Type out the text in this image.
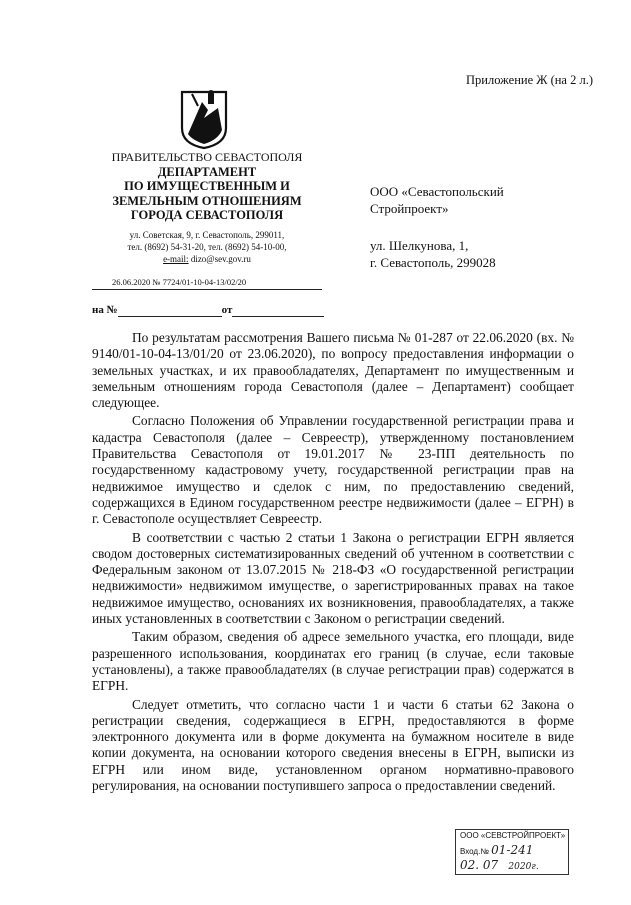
Приложение Ж (на 2 л.)
ПРАВИТЕЛЬСТВО СЕВАСТОПОЛЯ
ДЕПАРТАМЕНТ
ПО ИМУЩЕСТВЕННЫМ И
ЗЕМЕЛЬНЫМ ОТНОШЕНИЯМ
ГОРОДА СЕВАСТОПОЛЯ
ул. Советская, 9, г. Севастополь, 299011,
тел. (8692) 54-31-20, тел. (8692) 54-10-00,
e-mail: dizo@sev.gov.ru
26.06.2020 № 7724/01-10-04-13/02/20
на №	от
ООО «Севастопольский
Стройпроект»
ул. Шелкунова, 1,
г. Севастополь, 299028

По результатам рассмотрения Вашего письма № 01-287 от 22.06.2020 (вх. № 9140/01-10-04-13/01/20 от 23.06.2020), по вопросу предоставления информации о земельных участках, и их правообладателях, Департамент по имущественным и земельным отношениям города Севастополя (далее – Департамент) сообщает следующее.

Согласно Положения об Управлении государственной регистрации права и кадастра Севастополя (далее – Севреестр), утвержденному постановлением Правительства Севастополя от 19.01.2017 № 23-ПП деятельность по государственному кадастровому учету, государственной регистрации прав на недвижимое имущество и сделок с ним, по предоставлению сведений, содержащихся в Едином государственном реестре недвижимости (далее – ЕГРН) в г. Севастополе осуществляет Севреестр.

В соответствии с частью 2 статьи 1 Закона о регистрации ЕГРН является сводом достоверных систематизированных сведений об учтенном в соответствии с Федеральным законом от 13.07.2015 № 218-ФЗ «О государственной регистрации недвижимости» недвижимом имуществе, о зарегистрированных правах на такое недвижимое имущество, основаниях их возникновения, правообладателях, а также иных установленных в соответствии с Законом о регистрации сведений.

Таким образом, сведения об адресе земельного участка, его площади, виде разрешенного использования, координатах его границ (в случае, если таковые установлены), а также правообладателях (в случае регистрации прав) содержатся в ЕГРН.

Следует отметить, что согласно части 1 и части 6 статьи 62 Закона о регистрации сведения, содержащиеся в ЕГРН, предоставляются в форме электронного документа или в форме документа на бумажном носителе в виде копии документа, на основании которого сведения внесены в ЕГРН, выписки из ЕГРН или ином виде, установленном органом нормативно-правового регулирования, на основании поступившего запроса о предоставлении сведений.

ООО «СЕВСТРОЙПРОЕКТ»
Вход.№ 01-241
02. 07 2020г.
